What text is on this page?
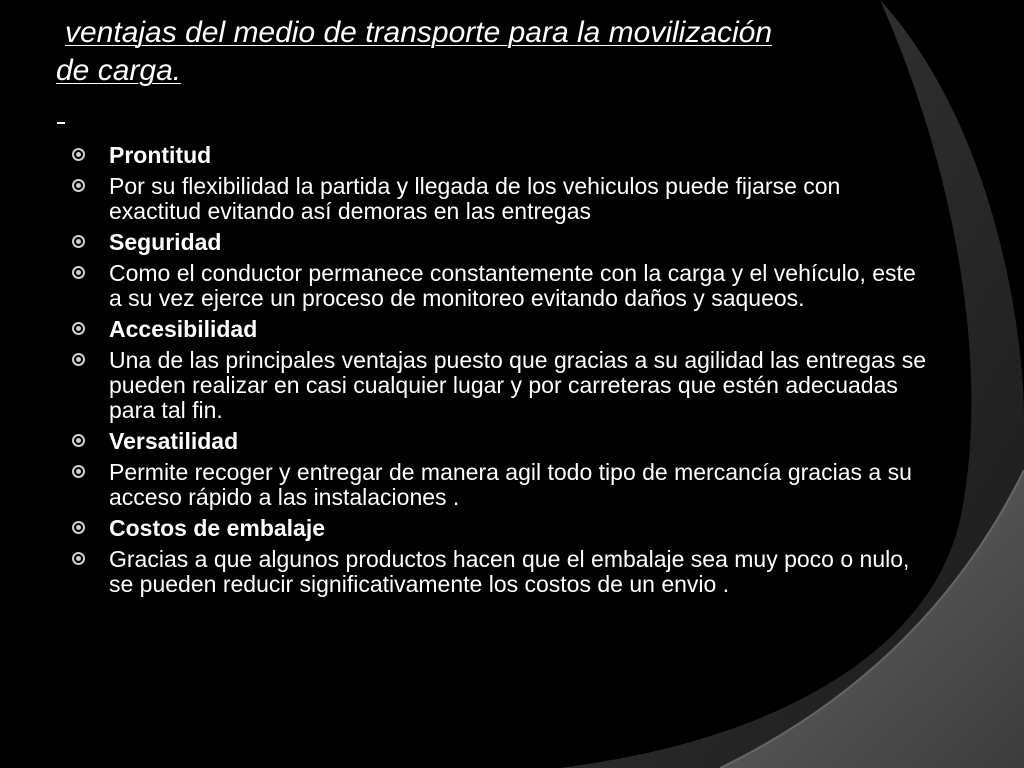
ventajas del medio de transporte para la movilización
de carga.
Prontitud
Por su flexibilidad la partida y llegada de los vehiculos puede fijarse con exactitud evitando así demoras en las entregas
Seguridad
Como el conductor permanece constantemente con la carga y el vehículo, este a su vez ejerce un proceso de monitoreo evitando daños y saqueos.
Accesibilidad
Una de las principales ventajas puesto que gracias a su agilidad las entregas se pueden realizar en casi cualquier lugar y por carreteras que estén adecuadas para tal fin.
Versatilidad
Permite recoger y entregar de manera agil todo tipo de mercancía gracias a su acceso rápido a las instalaciones .
Costos de embalaje
Gracias a que algunos productos hacen que el embalaje sea muy poco o nulo, se pueden reducir significativamente los costos de un envio .
